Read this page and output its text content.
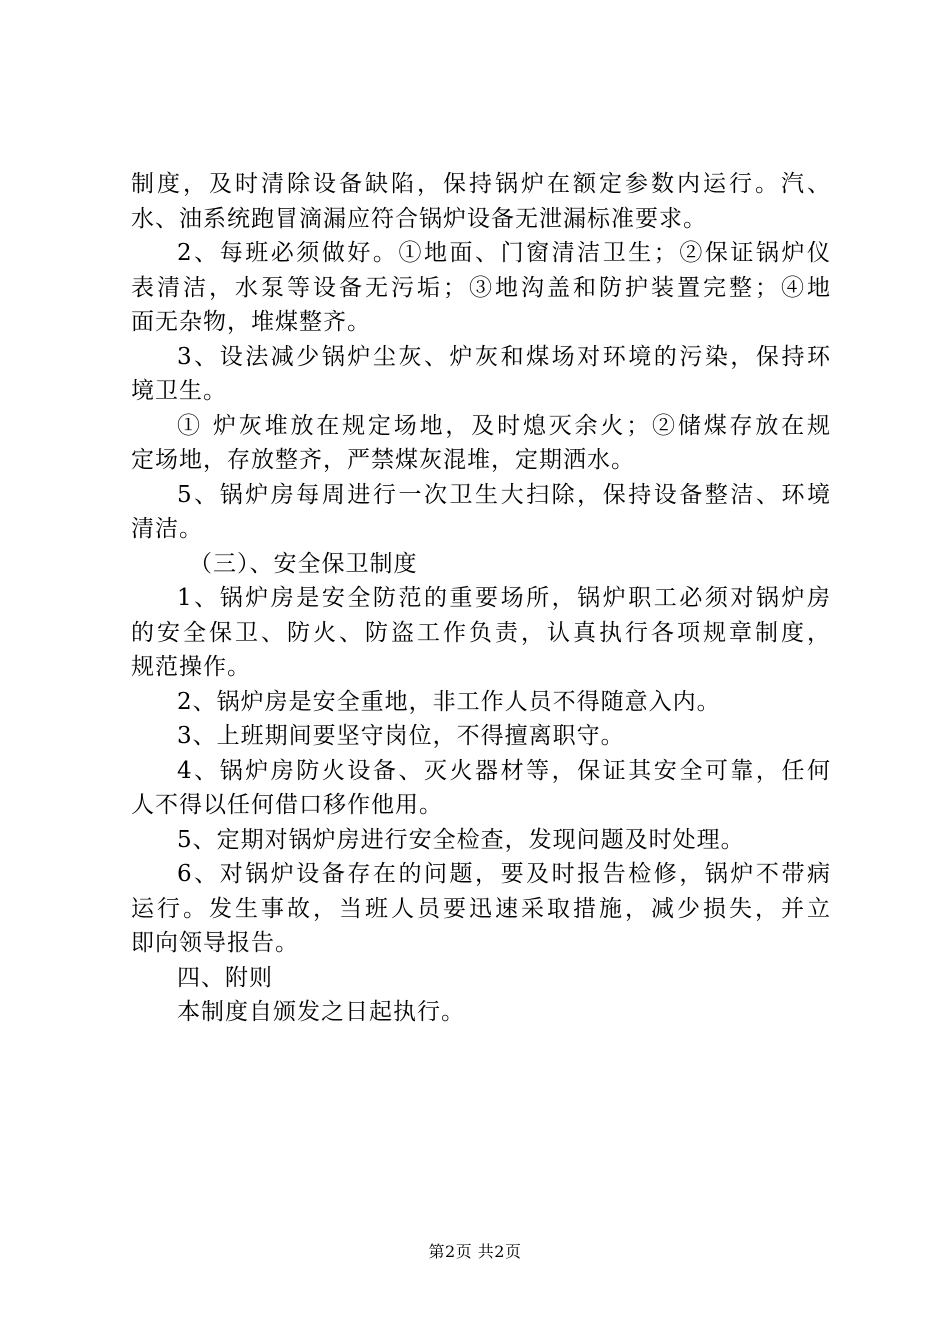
制度，及时清除设备缺陷，保持锅炉在额定参数内运行。汽、
水、油系统跑冒滴漏应符合锅炉设备无泄漏标准要求。
2、每班必须做好。①地面、门窗清洁卫生；②保证锅炉仪
表清洁，水泵等设备无污垢；③地沟盖和防护装置完整；④地
面无杂物，堆煤整齐。
3、设法减少锅炉尘灰、炉灰和煤场对环境的污染，保持环
境卫生。
① 炉灰堆放在规定场地，及时熄灭余火；②储煤存放在规
定场地，存放整齐，严禁煤灰混堆，定期洒水。
5、锅炉房每周进行一次卫生大扫除，保持设备整洁、环境
清洁。
（三）、安全保卫制度
1、锅炉房是安全防范的重要场所，锅炉职工必须对锅炉房
的安全保卫、防火、防盗工作负责，认真执行各项规章制度，
规范操作。
2、锅炉房是安全重地，非工作人员不得随意入内。
3、上班期间要坚守岗位，不得擅离职守。
4、锅炉房防火设备、灭火器材等，保证其安全可靠，任何
人不得以任何借口移作他用。
5、定期对锅炉房进行安全检查，发现问题及时处理。
6、对锅炉设备存在的问题，要及时报告检修，锅炉不带病
运行。发生事故，当班人员要迅速采取措施，减少损失，并立
即向领导报告。
四、附则
本制度自颁发之日起执行。
第2页 共2页
